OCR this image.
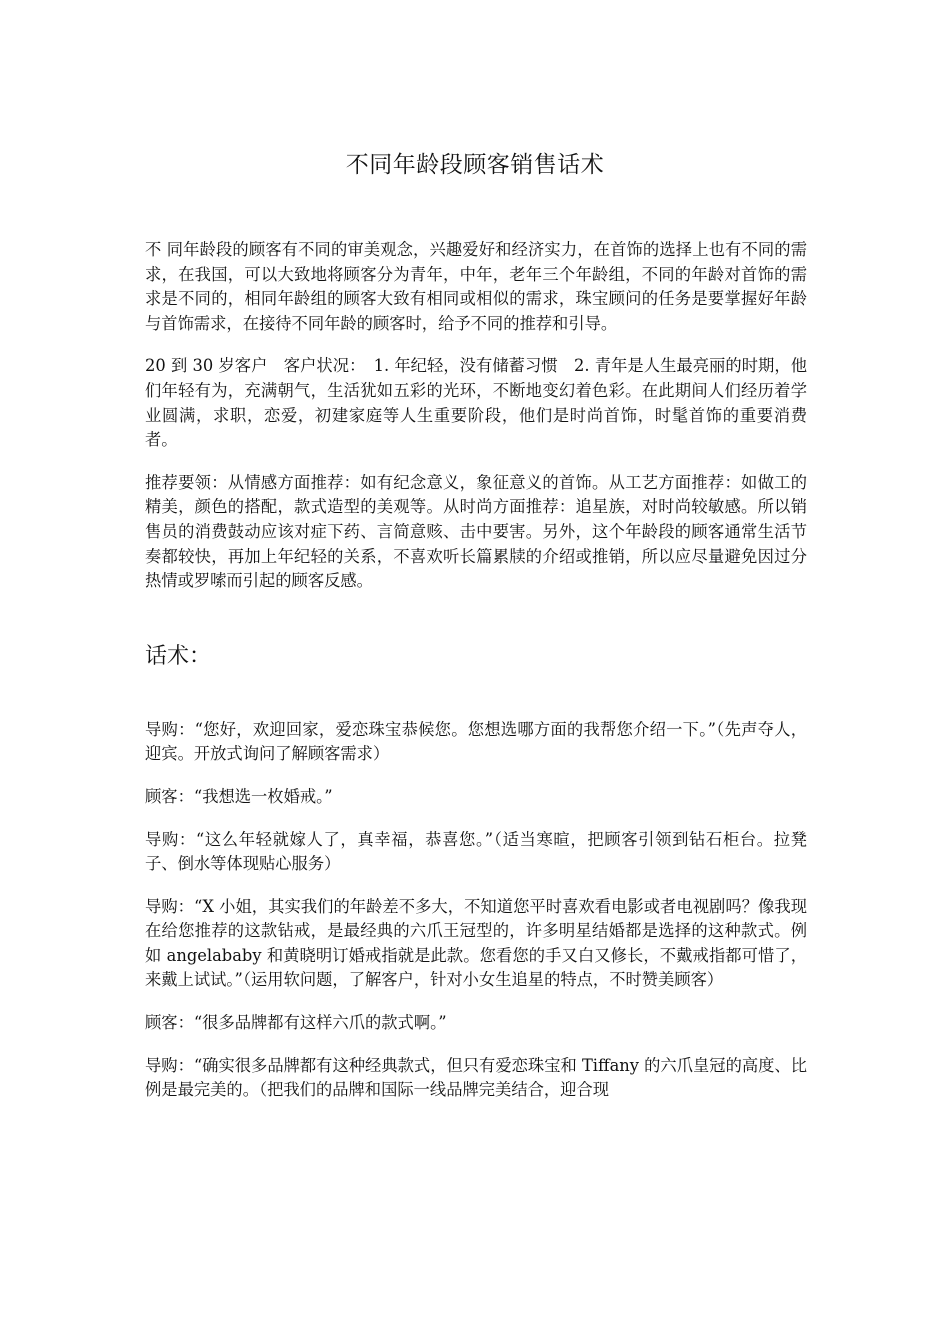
不同年龄段顾客销售话术

不 同年龄段的顾客有不同的审美观念，兴趣爱好和经济实力，在首饰的选择上也有不同的需求，在我国，可以大致地将顾客分为青年，中年，老年三个年龄组，不同的年龄对首饰的需求是不同的，相同年龄组的顾客大致有相同或相似的需求，珠宝顾问的任务是要掌握好年龄与首饰需求，在接待不同年龄的顾客时，给予不同的推荐和引导。

20 到 30 岁客户　客户状况：　1. 年纪轻，没有储蓄习惯　2. 青年是人生最亮丽的时期，他们年轻有为，充满朝气，生活犹如五彩的光环，不断地变幻着色彩。在此期间人们经历着学业圆满，求职，恋爱，初建家庭等人生重要阶段，他们是时尚首饰，时髦首饰的重要消费者。

推荐要领：从情感方面推荐：如有纪念意义，象征意义的首饰。从工艺方面推荐：如做工的精美，颜色的搭配，款式造型的美观等。从时尚方面推荐：追星族，对时尚较敏感。所以销售员的消费鼓动应该对症下药、言简意赅、击中要害。另外，这个年龄段的顾客通常生活节奏都较快，再加上年纪轻的关系，不喜欢听长篇累牍的介绍或推销，所以应尽量避免因过分热情或罗嗦而引起的顾客反感。

话术：

导购：“您好，欢迎回家，爱恋珠宝恭候您。您想选哪方面的我帮您介绍一下。”（先声夺人，迎宾。开放式询问了解顾客需求）

顾客：“我想选一枚婚戒。”

导购：“这么年轻就嫁人了，真幸福，恭喜您。”（适当寒暄，把顾客引领到钻石柜台。拉凳子、倒水等体现贴心服务）

导购：“X 小姐，其实我们的年龄差不多大，不知道您平时喜欢看电影或者电视剧吗？像我现在给您推荐的这款钻戒，是最经典的六爪王冠型的，许多明星结婚都是选择的这种款式。例如 angelababy 和黄晓明订婚戒指就是此款。您看您的手又白又修长，不戴戒指都可惜了，来戴上试试。”（运用软问题，了解客户，针对小女生追星的特点，不时赞美顾客）

顾客：“很多品牌都有这样六爪的款式啊。”

导购：“确实很多品牌都有这种经典款式，但只有爱恋珠宝和 Tiffany 的六爪皇冠的高度、比例是最完美的。（把我们的品牌和国际一线品牌完美结合，迎合现
